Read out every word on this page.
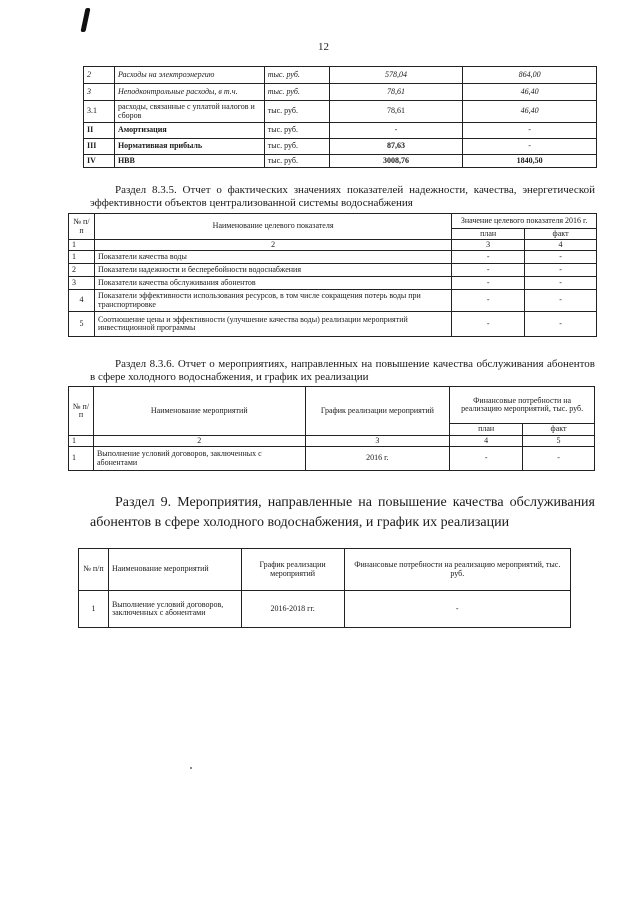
12
2	Расходы на электроэнергию	тыс. руб.	578,04	864,00
3	Неподконтрольные расходы, в т.ч.	тыс. руб.	78,61	46,40
3.1	расходы, связанные с уплатой налогов и сборов	тыс. руб.	78,61	46,40
II	Амортизация	тыс. руб.	-	-
III	Нормативная прибыль	тыс. руб.	87,63	-
IV	НВВ	тыс. руб.	3008,76	1840,50
Раздел 8.3.5. Отчет о фактических значениях показателей надежности, качества, энергетической эффективности объектов централизованной системы водоснабжения
№ п/п	Наименование целевого показателя	Значение целевого показателя 2016 г.	
		план	факт
1	2	3	4
1	Показатели качества воды	-	-
2	Показатели надежности и бесперебойности водоснабжения	-	-
3	Показатели качества обслуживания абонентов	-	-
4	Показатели эффективности использования ресурсов, в том числе сокращения потерь воды при транспортировке	-	-
5	Соотношение цены и эффективности (улучшение качества воды) реализации мероприятий инвестиционной программы	-	-
Раздел 8.3.6. Отчет о мероприятиях, направленных на повышение качества обслуживания абонентов в сфере холодного водоснабжения, и график их реализации
№ п/п	Наименование мероприятий	График реализации мероприятий	Финансовые потребности на реализацию мероприятий, тыс. руб.	
			план	факт
1	2	3	4	5
1	Выполнение условий договоров, заключенных с абонентами	2016 г.	-	-
Раздел 9. Мероприятия, направленные на повышение качества обслуживания абонентов в сфере холодного водоснабжения, и график их реализации
№ п/п	Наименование мероприятий	График реализации мероприятий	Финансовые потребности на реализацию мероприятий, тыс. руб.
1	Выполнение условий договоров, заключенных с абонентами	2016-2018 гг.	-
